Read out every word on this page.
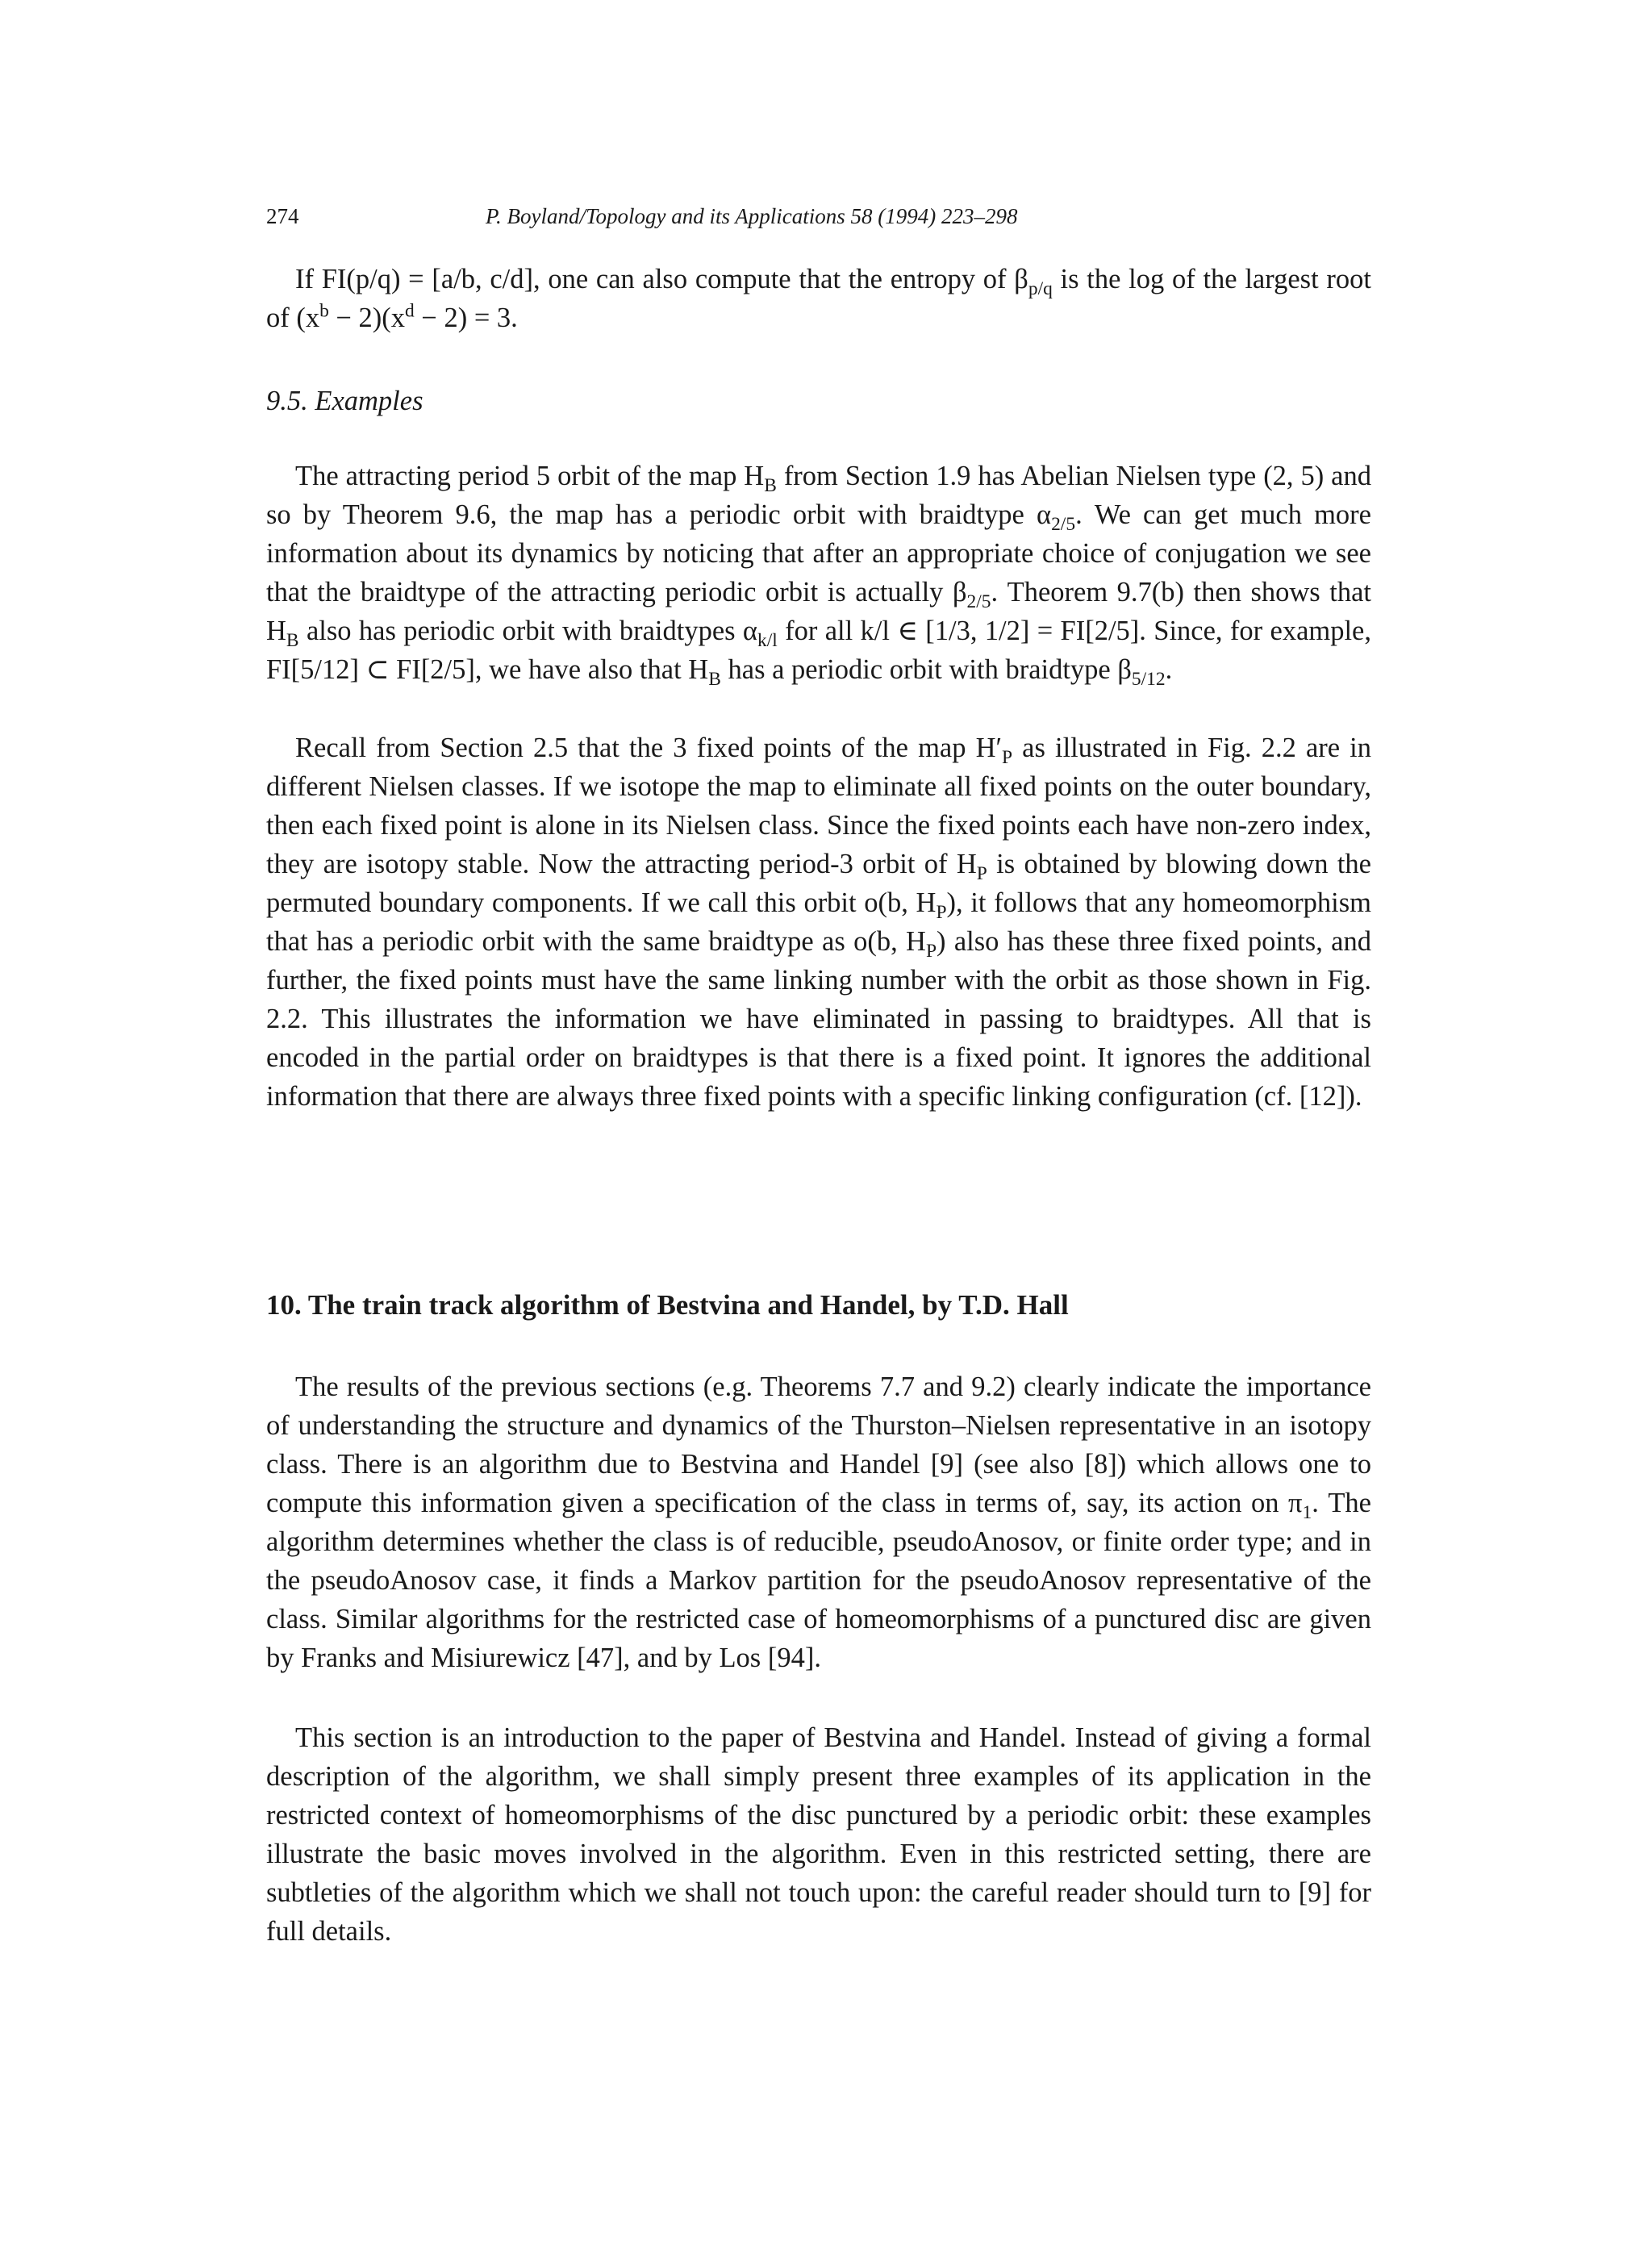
274	P. Boyland/Topology and its Applications 58 (1994) 223–298

If FI(p/q) = [a/b, c/d], one can also compute that the entropy of $\beta_{p/q}$ is the log of the largest root of $(x^b - 2)(x^d - 2) = 3$.

9.5. Examples

The attracting period 5 orbit of the map $H_B$ from Section 1.9 has Abelian Nielsen type (2, 5) and so by Theorem 9.6, the map has a periodic orbit with braidtype $\alpha_{2/5}$. We can get much more information about its dynamics by noticing that after an appropriate choice of conjugation we see that the braidtype of the attracting periodic orbit is actually $\beta_{2/5}$. Theorem 9.7(b) then shows that $H_B$ also has periodic orbit with braidtypes $\alpha_{k/l}$ for all k/l ∈ [1/3, 1/2] = FI[2/5]. Since, for example, FI[5/12] ⊂ FI[2/5], we have also that $H_B$ has a periodic orbit with braidtype $\beta_{5/12}$.

Recall from Section 2.5 that the 3 fixed points of the map $H'_P$ as illustrated in Fig. 2.2 are in different Nielsen classes. If we isotope the map to eliminate all fixed points on the outer boundary, then each fixed point is alone in its Nielsen class. Since the fixed points each have non-zero index, they are isotopy stable. Now the attracting period-3 orbit of $H_P$ is obtained by blowing down the permuted boundary components. If we call this orbit o(b, $H_P$), it follows that any homeomorphism that has a periodic orbit with the same braidtype as o(b, $H_P$) also has these three fixed points, and further, the fixed points must have the same linking number with the orbit as those shown in Fig. 2.2. This illustrates the information we have eliminated in passing to braidtypes. All that is encoded in the partial order on braidtypes is that there is a fixed point. It ignores the additional information that there are always three fixed points with a specific linking configuration (cf. [12]).

10. The train track algorithm of Bestvina and Handel, by T.D. Hall

The results of the previous sections (e.g. Theorems 7.7 and 9.2) clearly indicate the importance of understanding the structure and dynamics of the Thurston–Nielsen representative in an isotopy class. There is an algorithm due to Bestvina and Handel [9] (see also [8]) which allows one to compute this information given a specification of the class in terms of, say, its action on $\pi_1$. The algorithm determines whether the class is of reducible, pseudoAnosov, or finite order type; and in the pseudoAnosov case, it finds a Markov partition for the pseudoAnosov representative of the class. Similar algorithms for the restricted case of homeomorphisms of a punctured disc are given by Franks and Misiurewicz [47], and by Los [94].

This section is an introduction to the paper of Bestvina and Handel. Instead of giving a formal description of the algorithm, we shall simply present three examples of its application in the restricted context of homeomorphisms of the disc punctured by a periodic orbit: these examples illustrate the basic moves involved in the algorithm. Even in this restricted setting, there are subtleties of the algorithm which we shall not touch upon: the careful reader should turn to [9] for full details.
